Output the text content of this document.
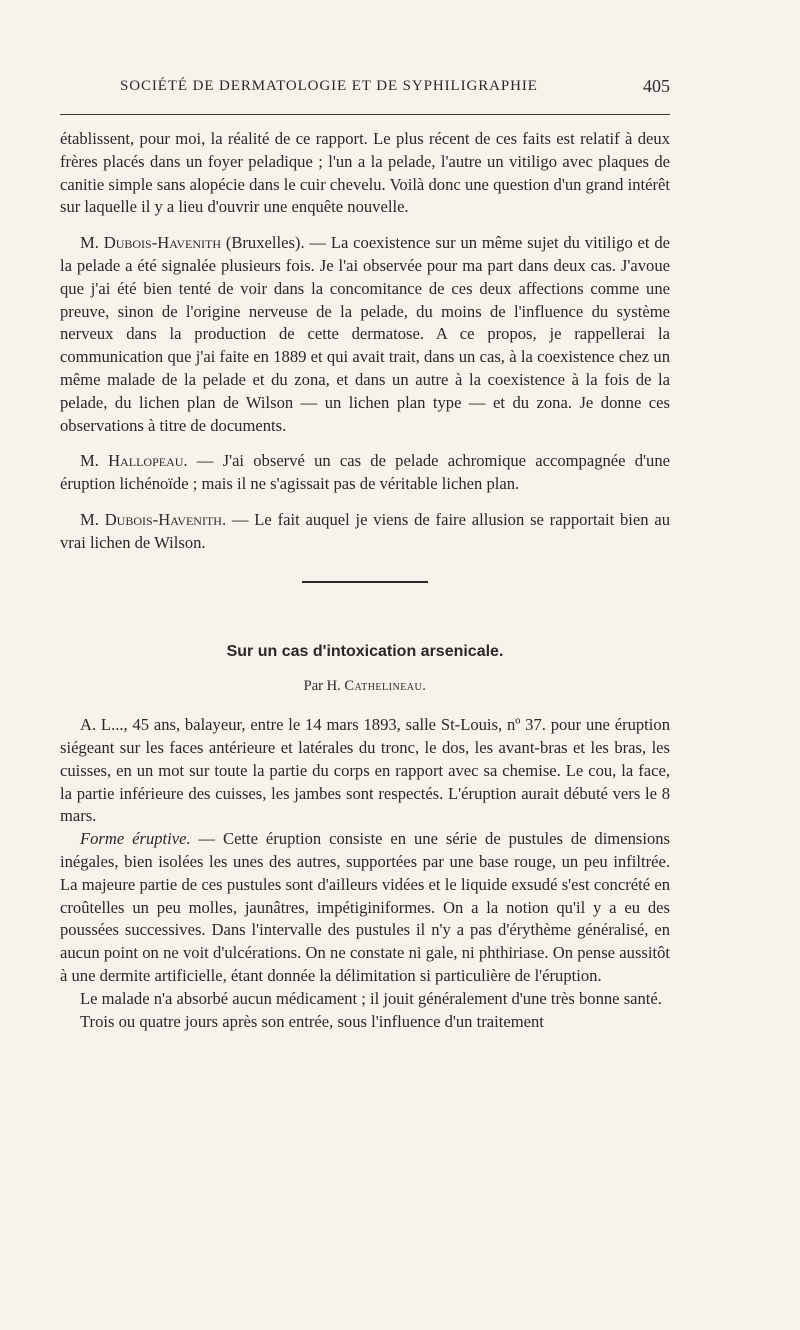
SOCIÉTÉ DE DERMATOLOGIE ET DE SYPHILIGRAPHIE	405

établissent, pour moi, la réalité de ce rapport. Le plus récent de ces faits est relatif à deux frères placés dans un foyer peladique ; l'un a la pelade, l'autre un vitiligo avec plaques de canitie simple sans alopécie dans le cuir chevelu. Voilà donc une question d'un grand intérêt sur laquelle il y a lieu d'ouvrir une enquête nouvelle.

M. Dubois-Havenith (Bruxelles). — La coexistence sur un même sujet du vitiligo et de la pelade a été signalée plusieurs fois. Je l'ai observée pour ma part dans deux cas. J'avoue que j'ai été bien tenté de voir dans la concomitance de ces deux affections comme une preuve, sinon de l'origine nerveuse de la pelade, du moins de l'influence du système nerveux dans la production de cette dermatose. A ce propos, je rappellerai la communication que j'ai faite en 1889 et qui avait trait, dans un cas, à la coexistence chez un même malade de la pelade et du zona, et dans un autre à la coexistence à la fois de la pelade, du lichen plan de Wilson — un lichen plan type — et du zona. Je donne ces observations à titre de documents.

M. Hallopeau. — J'ai observé un cas de pelade achromique accompagnée d'une éruption lichénoïde ; mais il ne s'agissait pas de véritable lichen plan.

M. Dubois-Havenith. — Le fait auquel je viens de faire allusion se rapportait bien au vrai lichen de Wilson.

Sur un cas d'intoxication arsenicale.
Par H. Cathelineau.

A. L..., 45 ans, balayeur, entre le 14 mars 1893, salle St-Louis, nº 37. pour une éruption siégeant sur les faces antérieure et latérales du tronc, le dos, les avant-bras et les bras, les cuisses, en un mot sur toute la partie du corps en rapport avec sa chemise. Le cou, la face, la partie inférieure des cuisses, les jambes sont respectés. L'éruption aurait débuté vers le 8 mars.

Forme éruptive. — Cette éruption consiste en une série de pustules de dimensions inégales, bien isolées les unes des autres, supportées par une base rouge, un peu infiltrée. La majeure partie de ces pustules sont d'ailleurs vidées et le liquide exsudé s'est concrété en croûtelles un peu molles, jaunâtres, impétiginiformes. On a la notion qu'il y a eu des poussées successives. Dans l'intervalle des pustules il n'y a pas d'érythème généralisé, en aucun point on ne voit d'ulcérations. On ne constate ni gale, ni phthiriase. On pense aussitôt à une dermite artificielle, étant donnée la délimitation si particulière de l'éruption.

Le malade n'a absorbé aucun médicament ; il jouit généralement d'une très bonne santé.

Trois ou quatre jours après son entrée, sous l'influence d'un traitement
